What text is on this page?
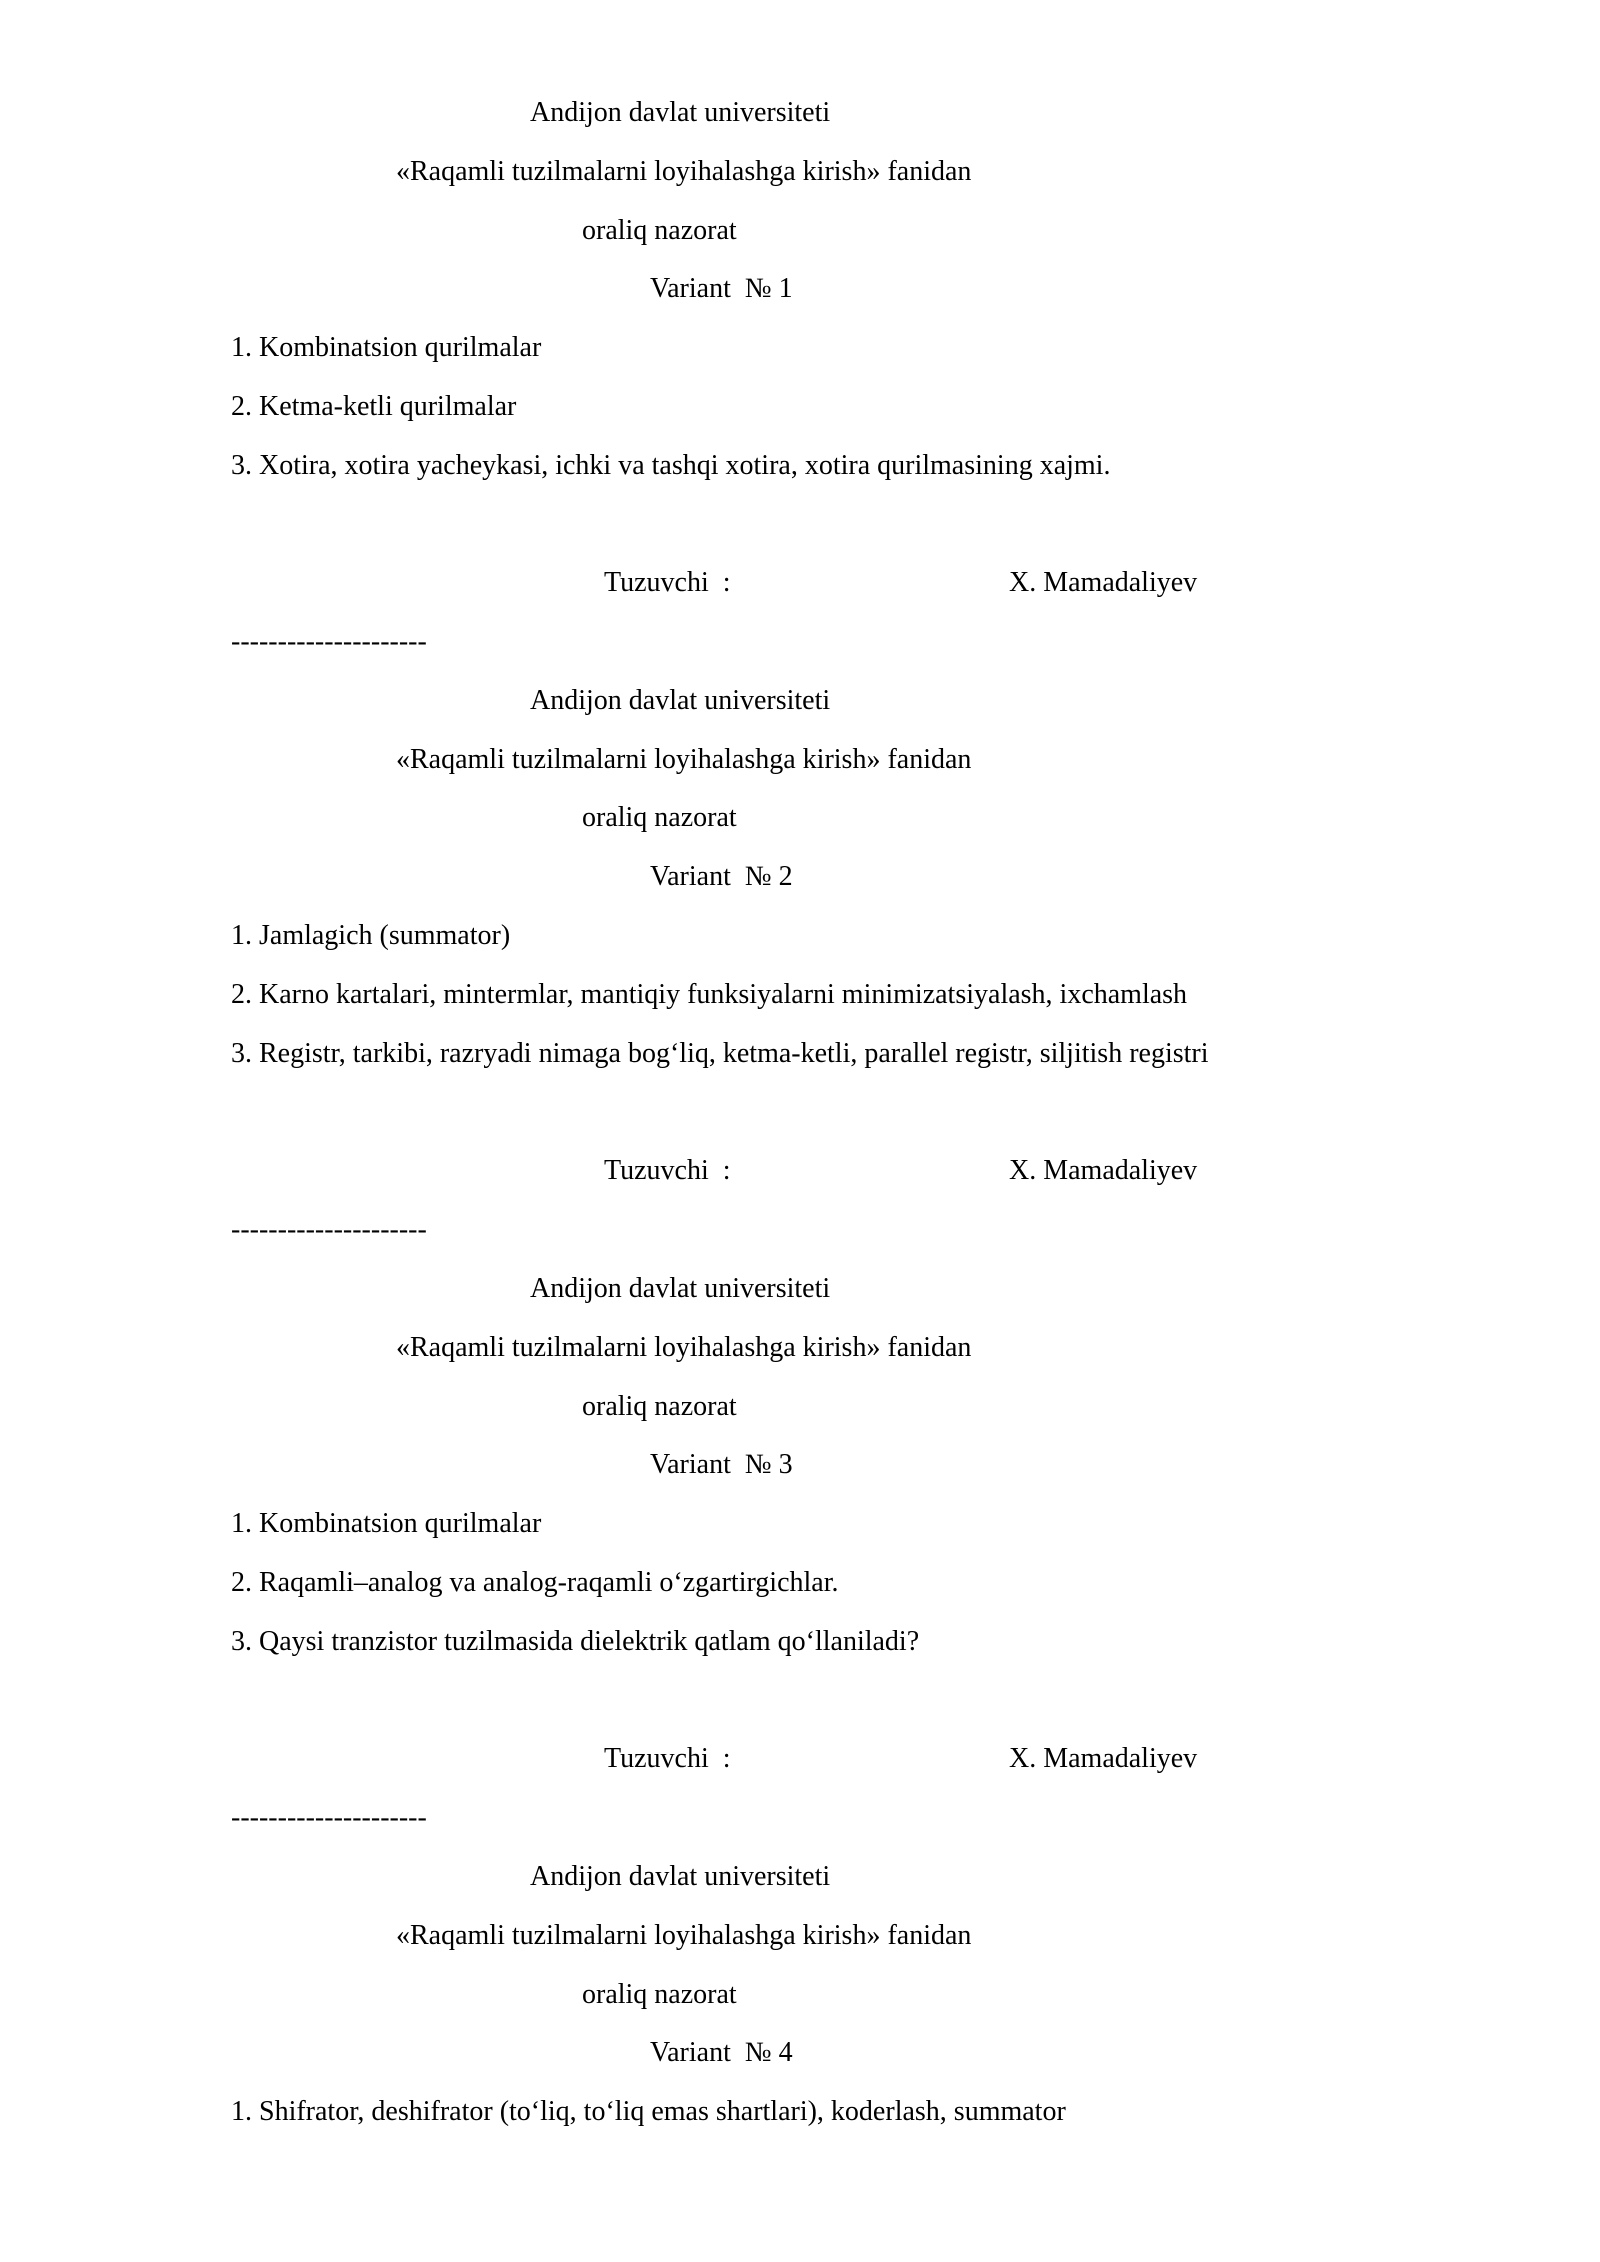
Andijon davlat universiteti

«Raqamli tuzilmalarni loyihalashga kirish» fanidan

oraliq nazorat

Variant  № 1

1. Kombinatsion qurilmalar

2. Ketma-ketli qurilmalar

3. Xotira, xotira yacheykasi, ichki va tashqi xotira, xotira qurilmasining xajmi.

Tuzuvchi  :	X. Mamadaliyev

---------------------

Andijon davlat universiteti

«Raqamli tuzilmalarni loyihalashga kirish» fanidan

oraliq nazorat

Variant  № 2

1. Jamlagich (summator)

2. Karno kartalari, mintermlar, mantiqiy funksiyalarni minimizatsiyalash, ixchamlash

3. Registr, tarkibi, razryadi nimaga bog‘liq, ketma-ketli, parallel registr, siljitish registri

Tuzuvchi  :	X. Mamadaliyev

---------------------

Andijon davlat universiteti

«Raqamli tuzilmalarni loyihalashga kirish» fanidan

oraliq nazorat

Variant  № 3

1. Kombinatsion qurilmalar

2. Raqamli–analog va analog-raqamli o‘zgartirgichlar.

3. Qaysi tranzistor tuzilmasida dielektrik qatlam qo‘llaniladi?

Tuzuvchi  :	X. Mamadaliyev

---------------------

Andijon davlat universiteti

«Raqamli tuzilmalarni loyihalashga kirish» fanidan

oraliq nazorat

Variant  № 4

1. Shifrator, deshifrator (to‘liq, to‘liq emas shartlari), koderlash, summator
